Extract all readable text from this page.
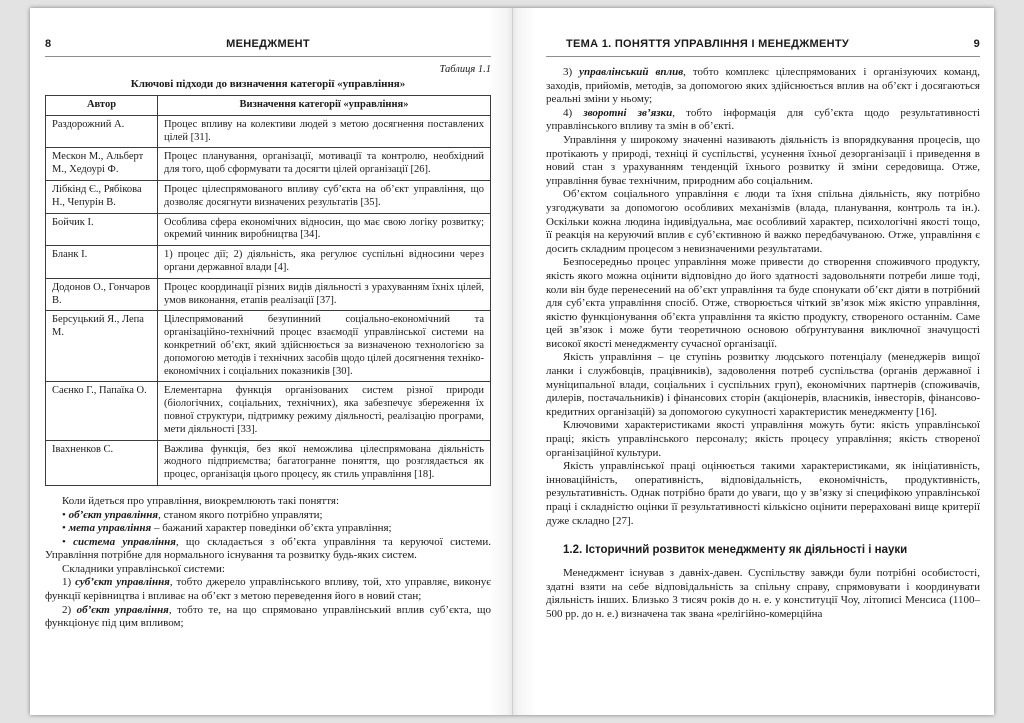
8	МЕНЕДЖМЕНТ
Таблиця 1.1
Ключові підходи до визначення категорії «управління»
Автор	Визначення категорії «управління»
Раздорожний А.	Процес впливу на колективи людей з метою досягнення поставлених цілей [31].
Мескон М., Альберт М., Хедоурі Ф.	Процес планування, організації, мотивації та контролю, необхідний для того, щоб сформувати та досягти цілей організації [26].
Лібкінд Є., Рябікова Н., Чепурін В.	Процес цілеспрямованого впливу суб’єкта на об’єкт управління, що дозволяє досягнути визначених результатів [35].
Бойчик І.	Особлива сфера економічних відносин, що має свою логіку розвитку; окремий чинник виробництва [34].
Бланк І.	1) процес дії; 2) діяльність, яка регулює суспільні відносини через органи державної влади [4].
Додонов О., Гончаров В.	Процес координації різних видів діяльності з урахуванням їхніх цілей, умов виконання, етапів реалізації [37].
Берсуцький Я., Лепа М.	Цілеспрямований безупинний соціально-економічний та організаційно-технічний процес взаємодії управлінської системи на конкретний об’єкт, який здійснюється за визначеною технологією за допомогою методів і технічних засобів щодо цілей досягнення техніко-економічних і соціальних показників [30].
Саєнко Г., Папаїка О.	Елементарна функція організованих систем різної природи (біологічних, соціальних, технічних), яка забезпечує збереження їх повної структури, підтримку режиму діяльності, реалізацію програми, мети діяльності [33].
Івахненков С.	Важлива функція, без якої неможлива цілеспрямована діяльність жодного підприємства; багатогранне поняття, що розглядається як процес, організація цього процесу, як стиль управління [18].

Коли йдеться про управління, виокремлюють такі поняття:

• об’єкт управління, станом якого потрібно управляти;

• мета управління – бажаний характер поведінки об’єкта управління;

• система управління, що складається з об’єкта управління та керуючої системи. Управління потрібне для нормального існування та розвитку будь-яких систем.

Складники управлінської системи:

1) суб’єкт управління, тобто джерело управлінського впливу, той, хто управляє, виконує функції керівництва і впливає на об’єкт з метою переведення його в новий стан;

2) об’єкт управління, тобто те, на що спрямовано управлінський вплив суб’єкта, що функціонує під цим впливом;

ТЕМА 1. ПОНЯТТЯ УПРАВЛІННЯ І МЕНЕДЖМЕНТУ	9

3) управлінський вплив, тобто комплекс цілеспрямованих і організуючих команд, заходів, прийомів, методів, за допомогою яких здійснюється вплив на об’єкт і досягаються реальні зміни у ньому;

4) зворотні зв’язки, тобто інформація для суб’єкта щодо результативності управлінського впливу та змін в об’єкті.

Управління у широкому значенні називають діяльність із впорядкування процесів, що протікають у природі, техніці й суспільстві, усунення їхньої дезорганізації і приведення в новий стан з урахуванням тенденцій їхнього розвитку й зміни середовища. Отже, управління буває технічним, природним або соціальним.

Об’єктом соціального управління є люди та їхня спільна діяльність, яку потрібно узгоджувати за допомогою особливих механізмів (влада, планування, контроль та ін.). Оскільки кожна людина індивідуальна, має особливий характер, психологічні якості тощо, її реакція на керуючий вплив є суб’єктивною й важко передбачуваною. Отже, управління є досить складним процесом з невизначеними результатами.

Безпосередньо процес управління може привести до створення споживчого продукту, якість якого можна оцінити відповідно до його здатності задовольняти потреби лише тоді, коли він буде перенесений на об’єкт управління та буде спонукати об’єкт діяти в потрібний для суб’єкта управління спосіб. Отже, створюється чіткий зв’язок між якістю управління, якістю функціонування об’єкта управління та якістю продукту, створеного останнім. Саме цей зв’язок і може бути теоретичною основою обґрунтування виключної значущості високої якості менеджменту сучасної організації.

Якість управління – це ступінь розвитку людського потенціалу (менеджерів вищої ланки і службовців, працівників), задоволення потреб суспільства (органів державної і муніципальної влади, соціальних і суспільних груп), економічних партнерів (споживачів, дилерів, постачальників) і фінансових сторін (акціонерів, власників, інвесторів, фінансово-кредитних організацій) за допомогою сукупності характеристик менеджменту [16].

Ключовими характеристиками якості управління можуть бути: якість управлінської праці; якість управлінського персоналу; якість процесу управління; якість створеної організаційної культури.

Якість управлінської праці оцінюється такими характеристиками, як ініціативність, інноваційність, оперативність, відповідальність, економічність, продуктивність, результативність. Однак потрібно брати до уваги, що у зв’язку зі специфікою управлінської праці і складністю оцінки її результативності кількісно оцінити перераховані вище критерії дуже складно [27].

1.2. Історичний розвиток менеджменту як діяльності і науки

Менеджмент існував з давніх-давен. Суспільству завжди були потрібні особистості, здатні взяти на себе відповідальність за спільну справу, спрямовувати і координувати діяльність інших. Близько 3 тисяч років до н. е. у конституції Чоу, літописі Менсиса (1100–500 рр. до н. е.) визначена так звана «релігійно-комерційна
